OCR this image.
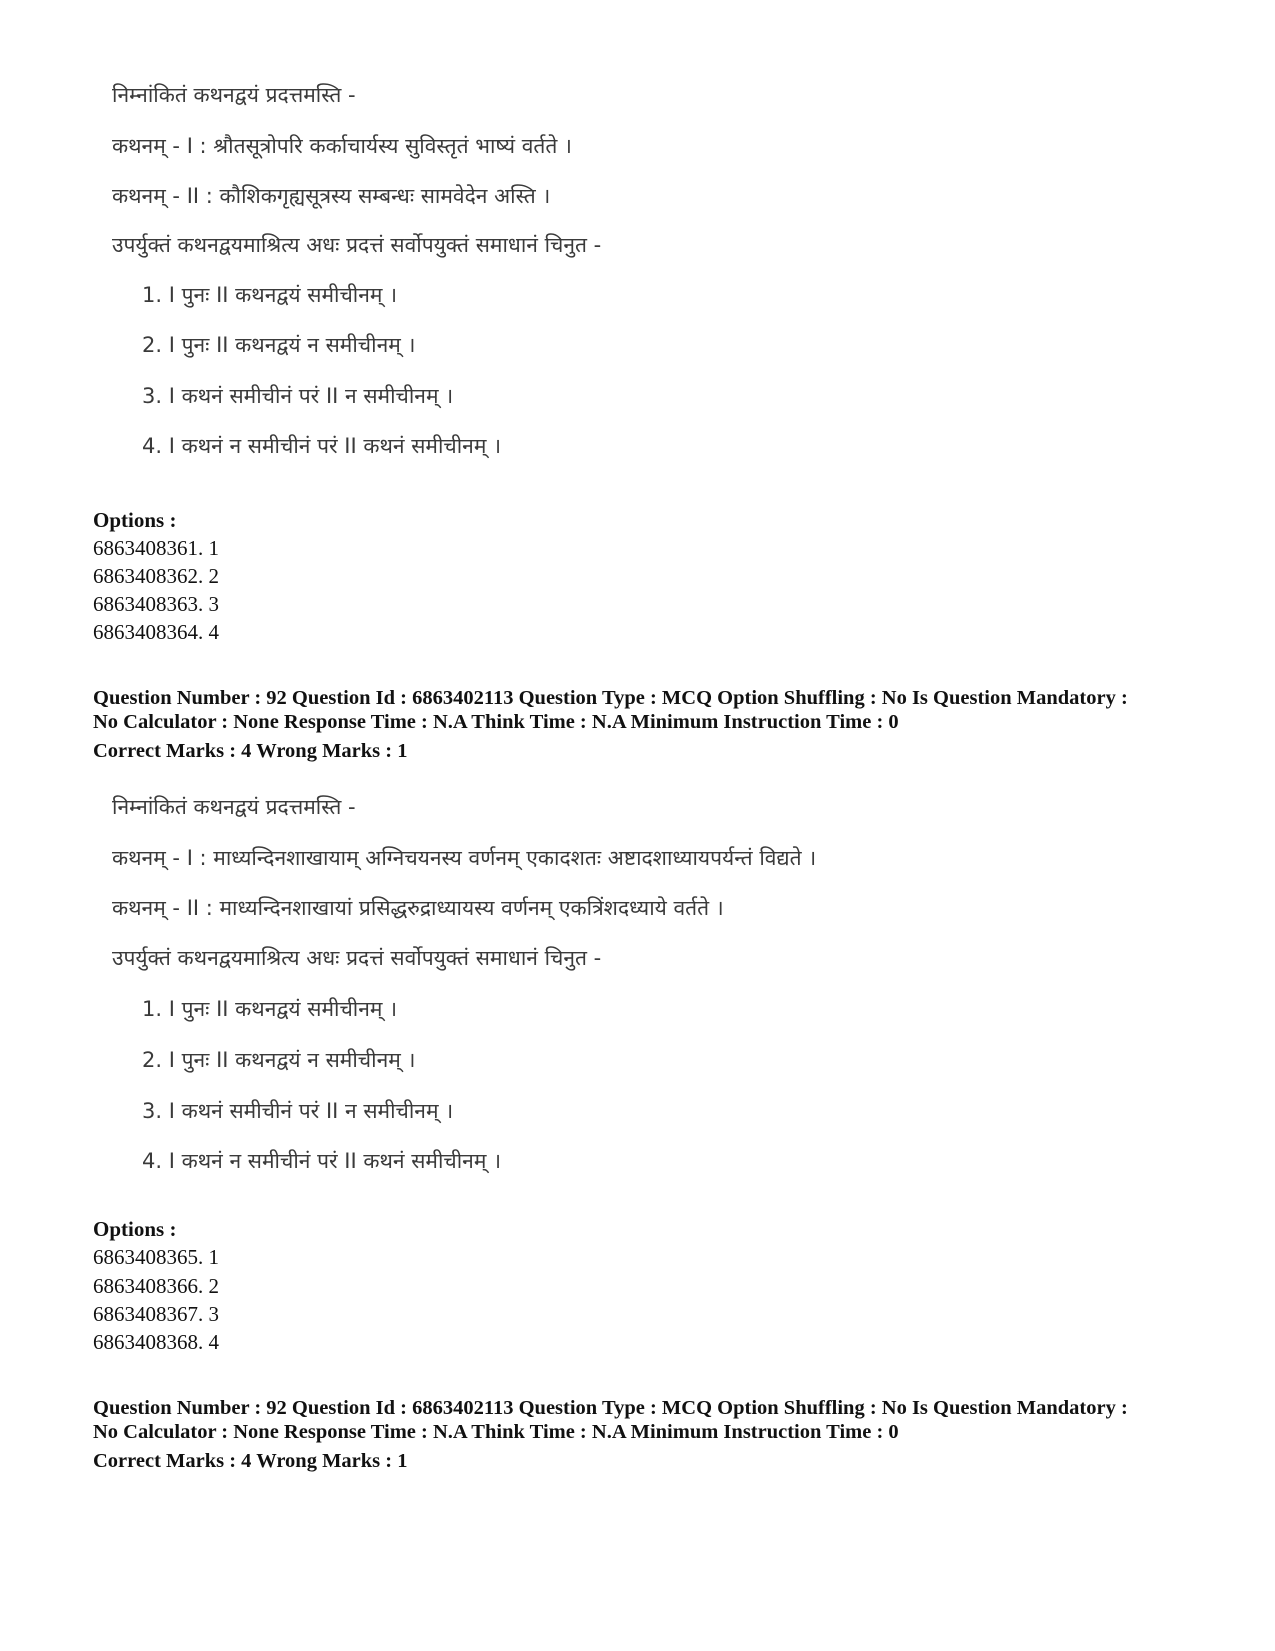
निम्नांकितं कथनद्वयं प्रदत्तमस्ति -
कथनम् - I : श्रौतसूत्रोपरि कर्काचार्यस्य सुविस्तृतं भाष्यं वर्तते ।
कथनम् - II : कौशिकगृह्यसूत्रस्य सम्बन्धः सामवेदेन अस्ति ।
उपर्युक्तं कथनद्वयमाश्रित्य अधः प्रदत्तं सर्वोपयुक्तं समाधानं चिनुत -
1. I पुनः II कथनद्वयं समीचीनम् ।
2. I पुनः II कथनद्वयं न समीचीनम् ।
3. I कथनं समीचीनं परं II न समीचीनम् ।
4. I कथनं न समीचीनं परं II कथनं समीचीनम् ।
Options :
6863408361. 1
6863408362. 2
6863408363. 3
6863408364. 4
Question Number : 92 Question Id : 6863402113 Question Type : MCQ Option Shuffling : No Is Question Mandatory :
No Calculator : None Response Time : N.A Think Time : N.A Minimum Instruction Time : 0
Correct Marks : 4 Wrong Marks : 1
निम्नांकितं कथनद्वयं प्रदत्तमस्ति -
कथनम् - I : माध्यन्दिनशाखायाम् अग्निचयनस्य वर्णनम् एकादशतः अष्टादशाध्यायपर्यन्तं विद्यते ।
कथनम् - II : माध्यन्दिनशाखायां प्रसिद्धरुद्राध्यायस्य वर्णनम् एकत्रिंशदध्याये वर्तते ।
उपर्युक्तं कथनद्वयमाश्रित्य अधः प्रदत्तं सर्वोपयुक्तं समाधानं चिनुत -
1. I पुनः II कथनद्वयं समीचीनम् ।
2. I पुनः II कथनद्वयं न समीचीनम् ।
3. I कथनं समीचीनं परं II न समीचीनम् ।
4. I कथनं न समीचीनं परं II कथनं समीचीनम् ।
Options :
6863408365. 1
6863408366. 2
6863408367. 3
6863408368. 4
Question Number : 92 Question Id : 6863402113 Question Type : MCQ Option Shuffling : No Is Question Mandatory :
No Calculator : None Response Time : N.A Think Time : N.A Minimum Instruction Time : 0
Correct Marks : 4 Wrong Marks : 1
